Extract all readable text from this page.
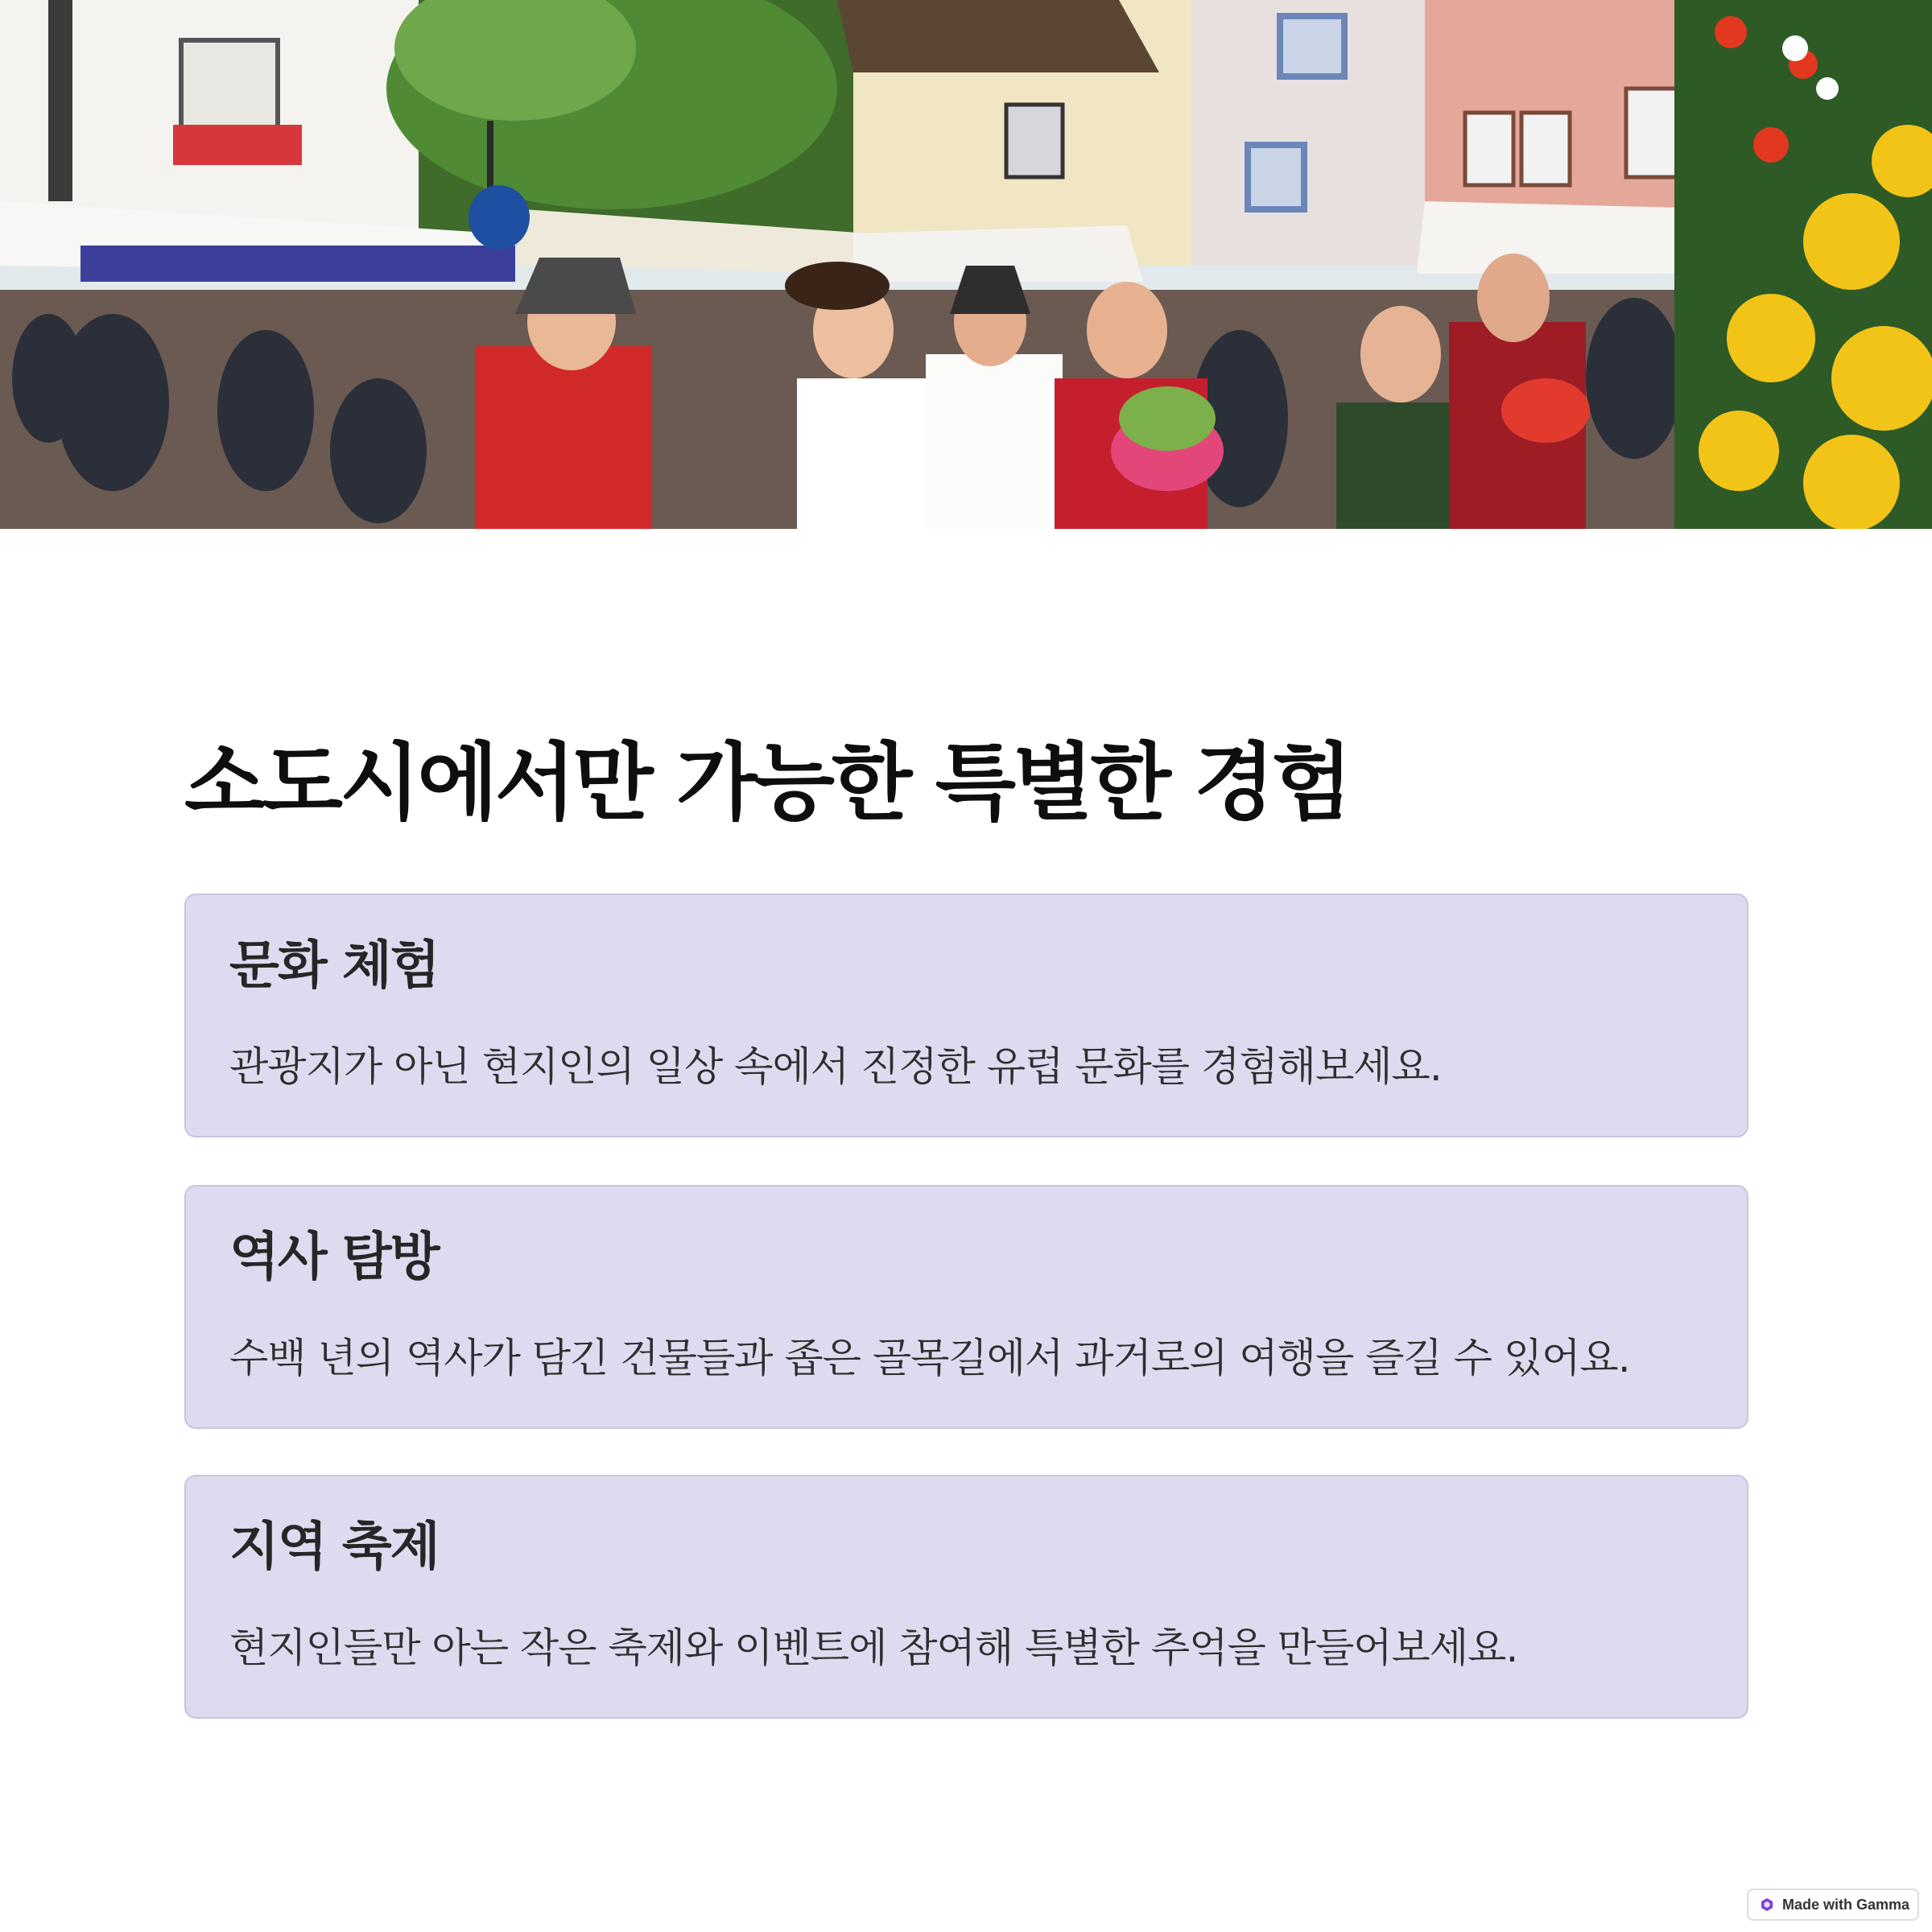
소도시에서만 가능한 특별한 경험
문화 체험

관광지가 아닌 현지인의 일상 속에서 진정한 유럽 문화를 경험해보세요.

역사 탐방

수백 년의 역사가 담긴 건물들과 좁은 골목길에서 과거로의 여행을 즐길 수 있어요.

지역 축제

현지인들만 아는 작은 축제와 이벤트에 참여해 특별한 추억을 만들어보세요.

Made with Gamma
